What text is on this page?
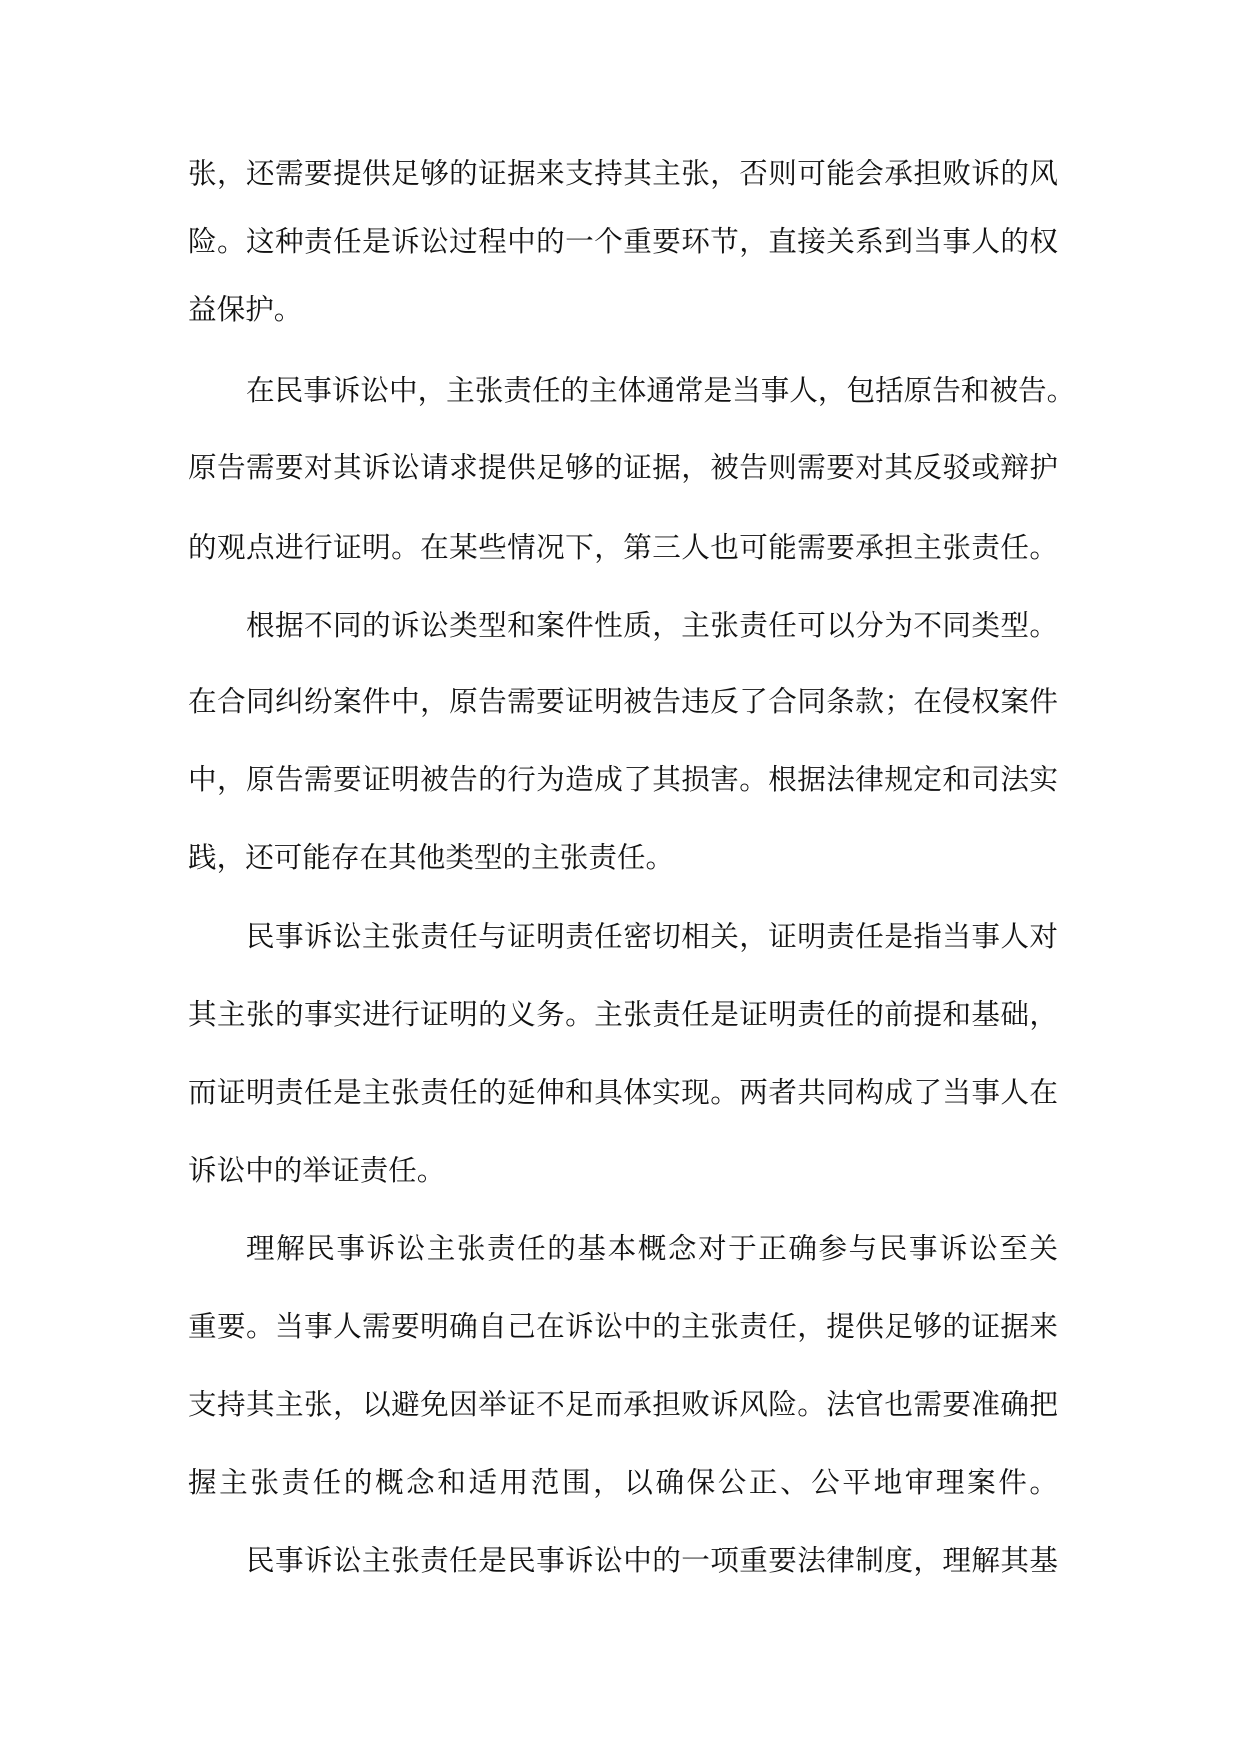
张，还需要提供足够的证据来支持其主张，否则可能会承担败诉的风
险。这种责任是诉讼过程中的一个重要环节，直接关系到当事人的权
益保护。
在民事诉讼中，主张责任的主体通常是当事人，包括原告和被告。
原告需要对其诉讼请求提供足够的证据，被告则需要对其反驳或辩护
的观点进行证明。在某些情况下，第三人也可能需要承担主张责任。
根据不同的诉讼类型和案件性质，主张责任可以分为不同类型。
在合同纠纷案件中，原告需要证明被告违反了合同条款；在侵权案件
中，原告需要证明被告的行为造成了其损害。根据法律规定和司法实
践，还可能存在其他类型的主张责任。
民事诉讼主张责任与证明责任密切相关，证明责任是指当事人对
其主张的事实进行证明的义务。主张责任是证明责任的前提和基础，
而证明责任是主张责任的延伸和具体实现。两者共同构成了当事人在
诉讼中的举证责任。
理解民事诉讼主张责任的基本概念对于正确参与民事诉讼至关
重要。当事人需要明确自己在诉讼中的主张责任，提供足够的证据来
支持其主张，以避免因举证不足而承担败诉风险。法官也需要准确把
握主张责任的概念和适用范围，以确保公正、公平地审理案件。
民事诉讼主张责任是民事诉讼中的一项重要法律制度，理解其基
